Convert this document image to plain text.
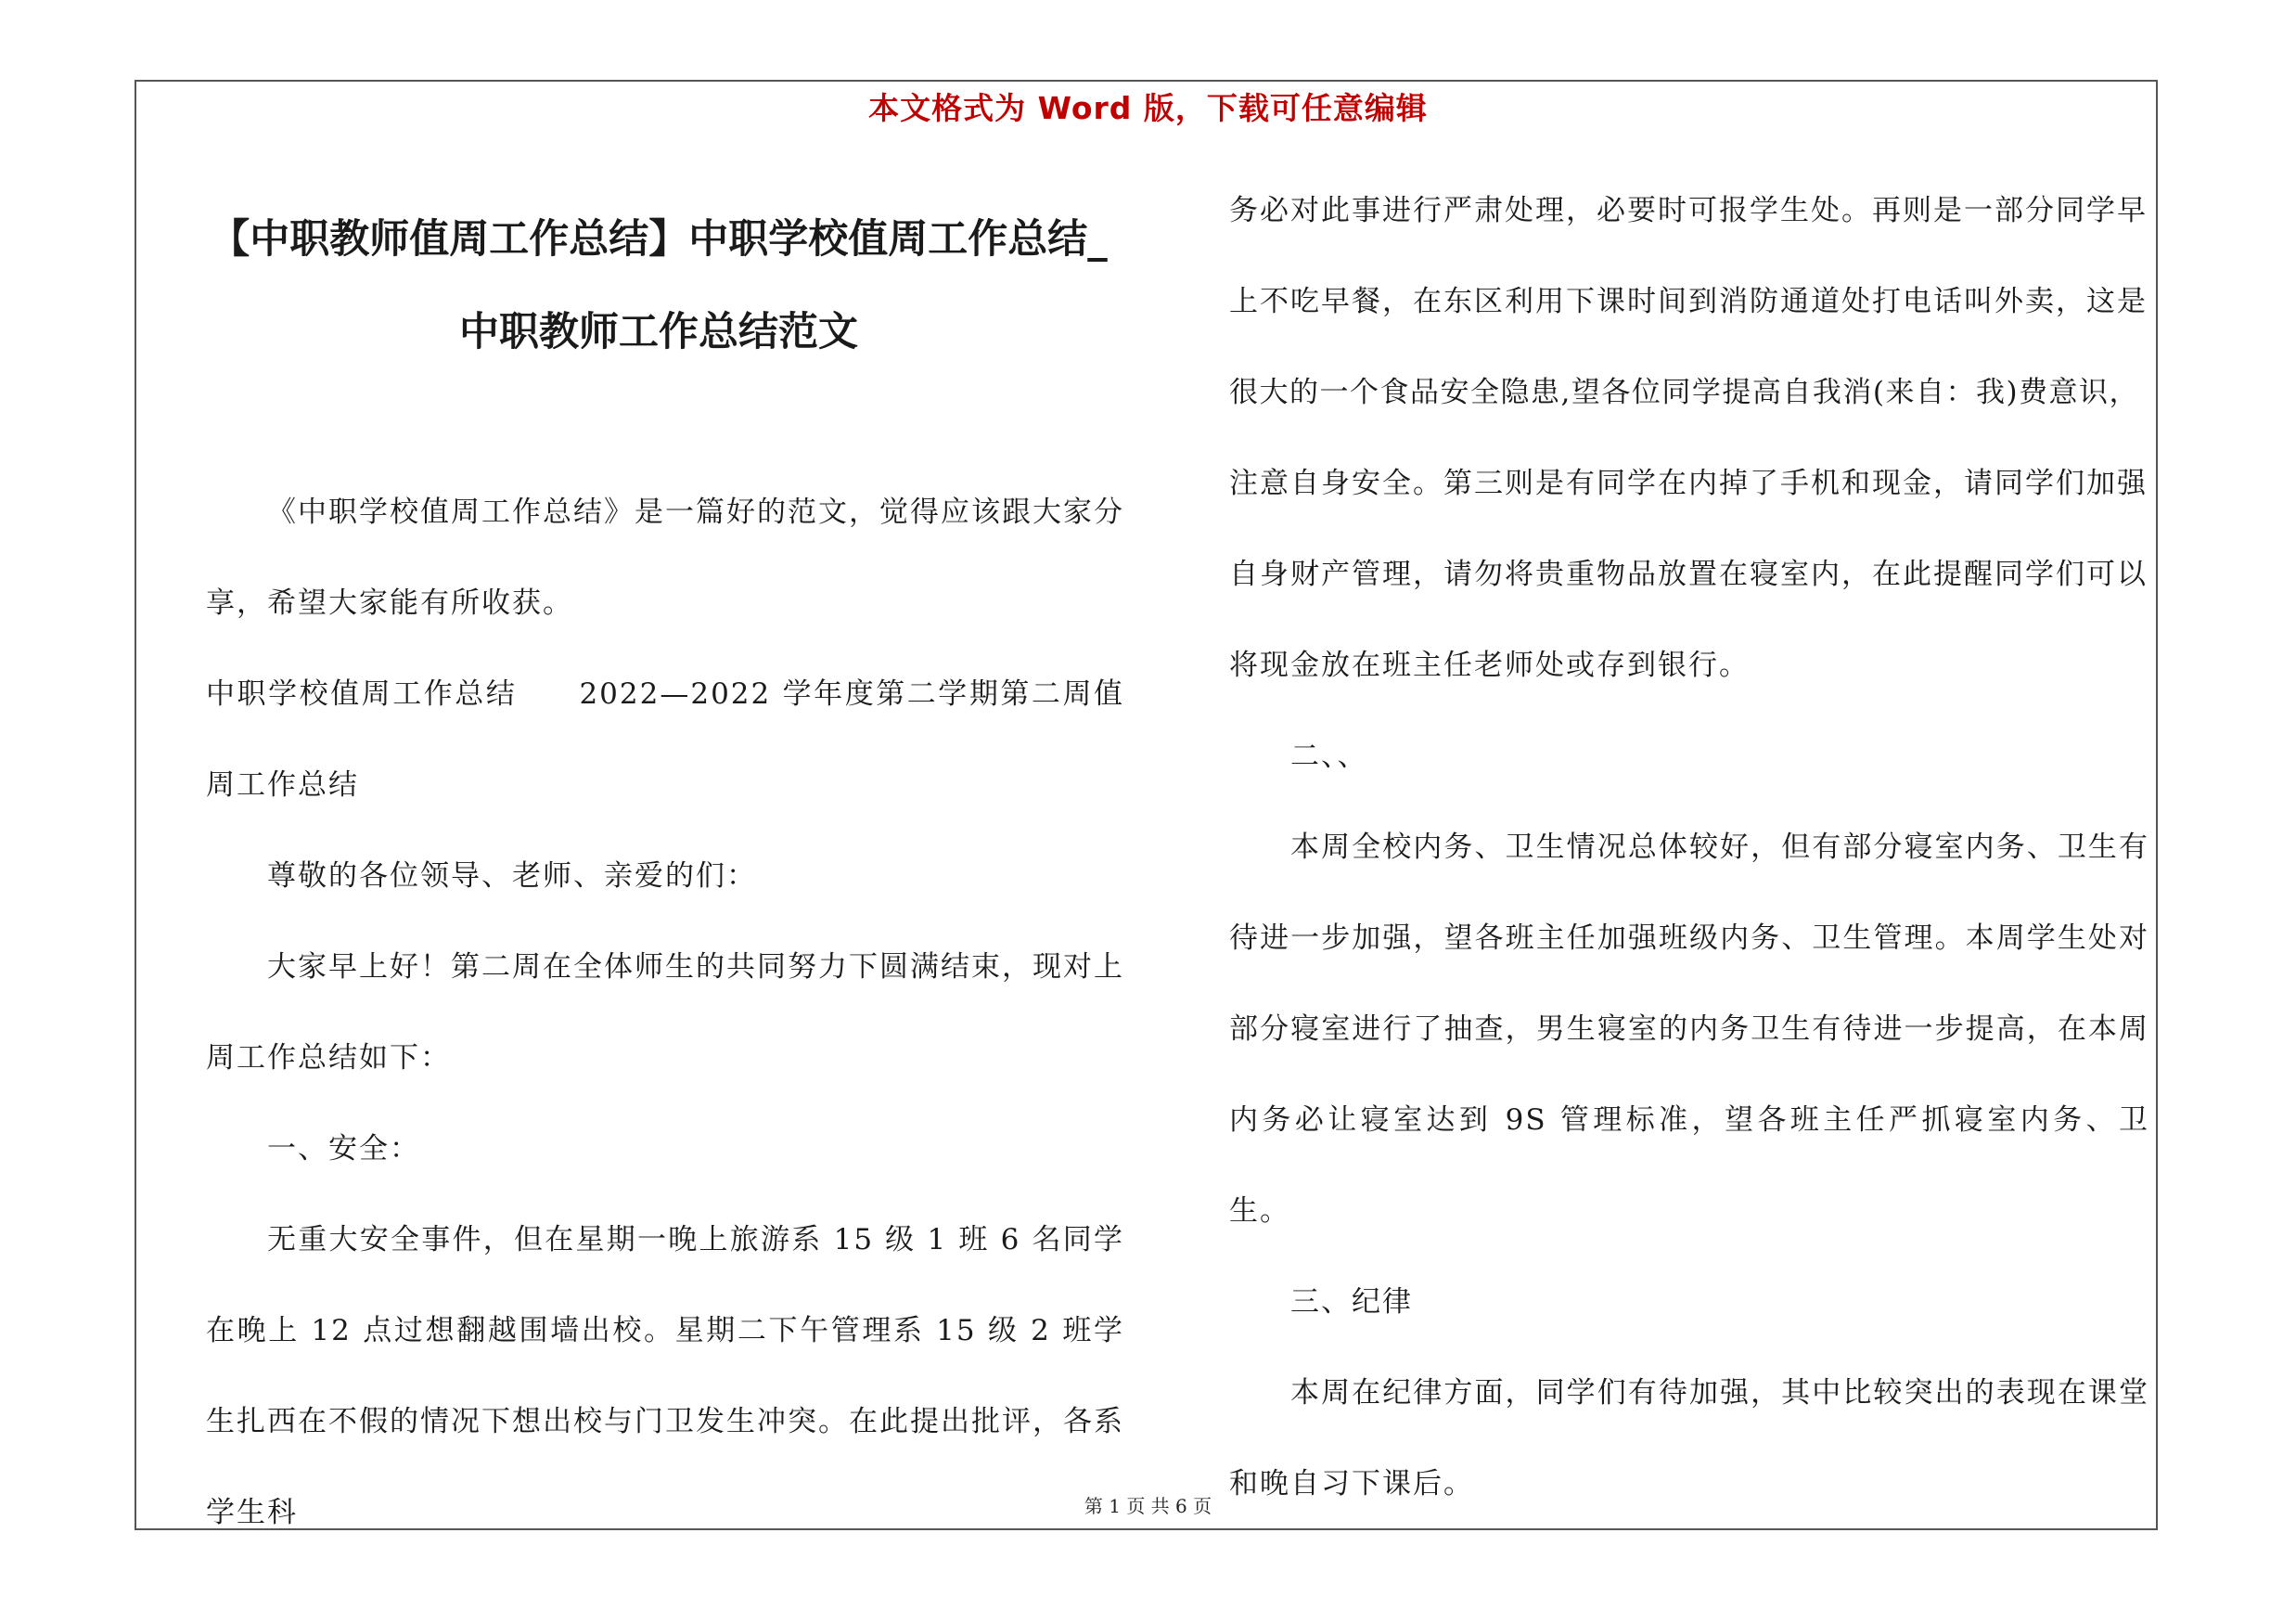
本文格式为 Word 版，下载可任意编辑
【中职教师值周工作总结】中职学校值周工作总结_
中职教师工作总结范文

《中职学校值周工作总结》是一篇好的范文，觉得应该跟大家分享，希望大家能有所收获。

中职学校值周工作总结　　2022—2022 学年度第二学期第二周值周工作总结

尊敬的各位领导、老师、亲爱的们：

大家早上好！第二周在全体师生的共同努力下圆满结束，现对上周工作总结如下：

一、安全：

无重大安全事件，但在星期一晚上旅游系 15 级 1 班 6 名同学在晚上 12 点过想翻越围墙出校。星期二下午管理系 15 级 2 班学生扎西在不假的情况下想出校与门卫发生冲突。在此提出批评，各系学生科

务必对此事进行严肃处理，必要时可报学生处。再则是一部分同学早

上不吃早餐，在东区利用下课时间到消防通道处打电话叫外卖，这是

很大的一个食品安全隐患,望各位同学提高自我消(来自：我)费意识，

注意自身安全。第三则是有同学在内掉了手机和现金，请同学们加强

自身财产管理，请勿将贵重物品放置在寝室内，在此提醒同学们可以

将现金放在班主任老师处或存到银行。

二、、

本周全校内务、卫生情况总体较好，但有部分寝室内务、卫生有待进一步加强，望各班主任加强班级内务、卫生管理。本周学生处对部分寝室进行了抽查，男生寝室的内务卫生有待进一步提高，在本周内务必让寝室达到 9S 管理标准，望各班主任严抓寝室内务、卫生。

三、纪律

本周在纪律方面，同学们有待加强，其中比较突出的表现在课堂和晚自习下课后。

第 1 页 共 6 页
